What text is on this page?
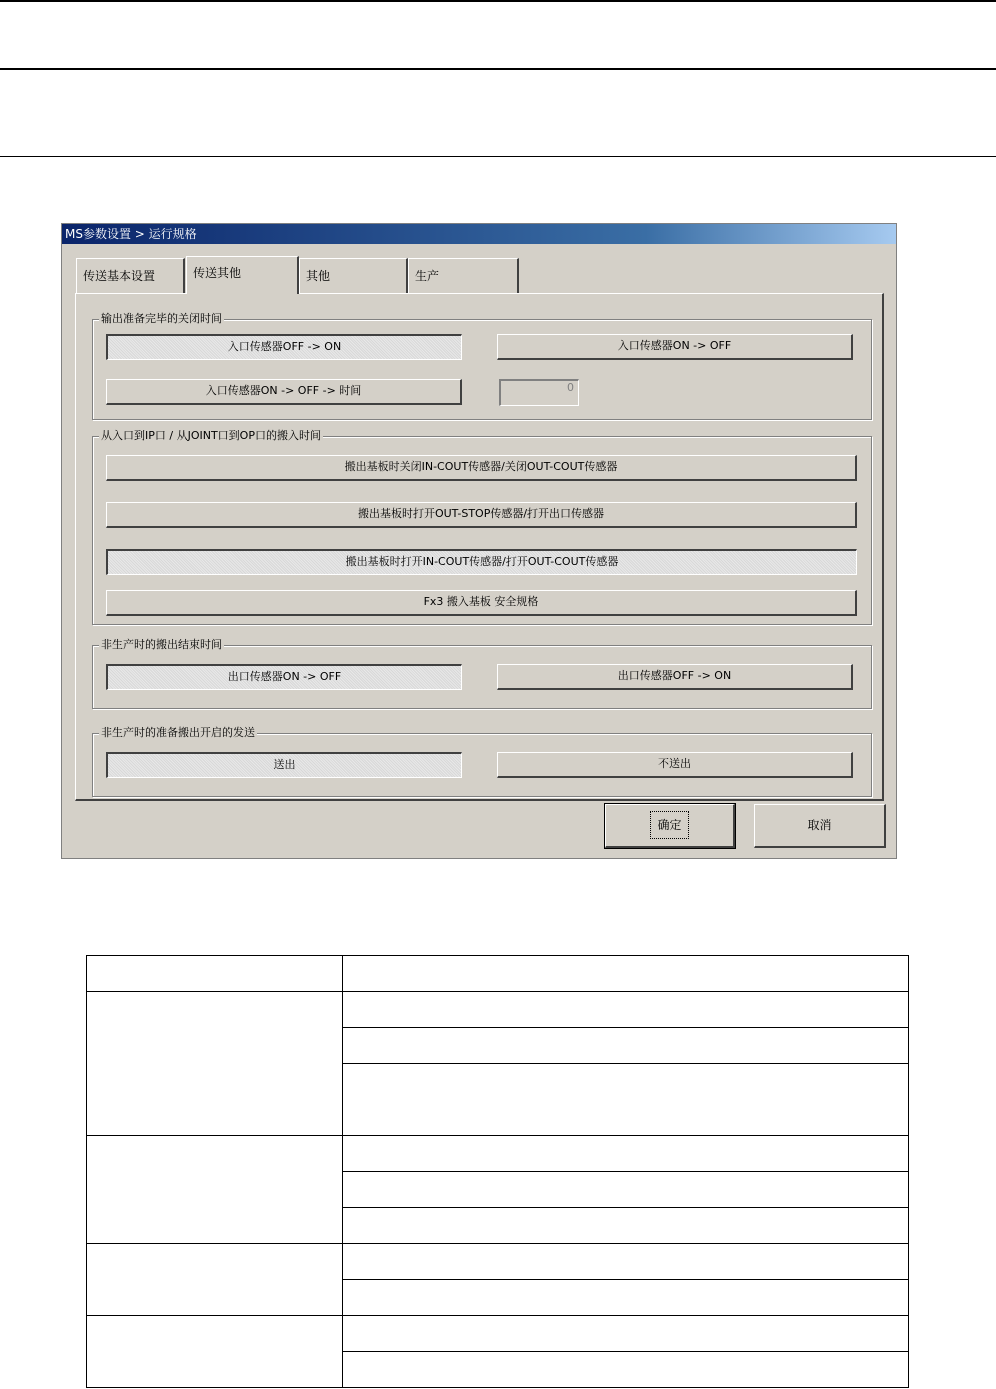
MS参数设置 > 运行规格
传送基本设置	传送其他	其他	生产
输出准备完毕的关闭时间
入口传感器OFF -> ON	入口传感器ON -> OFF
入口传感器ON -> OFF -> 时间	0
从入口到IP口 / 从JOINT口到OP口的搬入时间
搬出基板时关闭IN-COUT传感器/关闭OUT-COUT传感器
搬出基板时打开OUT-STOP传感器/打开出口传感器
搬出基板时打开IN-COUT传感器/打开OUT-COUT传感器
Fx3 搬入基板 安全规格
非生产时的搬出结束时间
出口传感器ON -> OFF	出口传感器OFF -> ON
非生产时的准备搬出开启的发送
送出	不送出
确定	取消
